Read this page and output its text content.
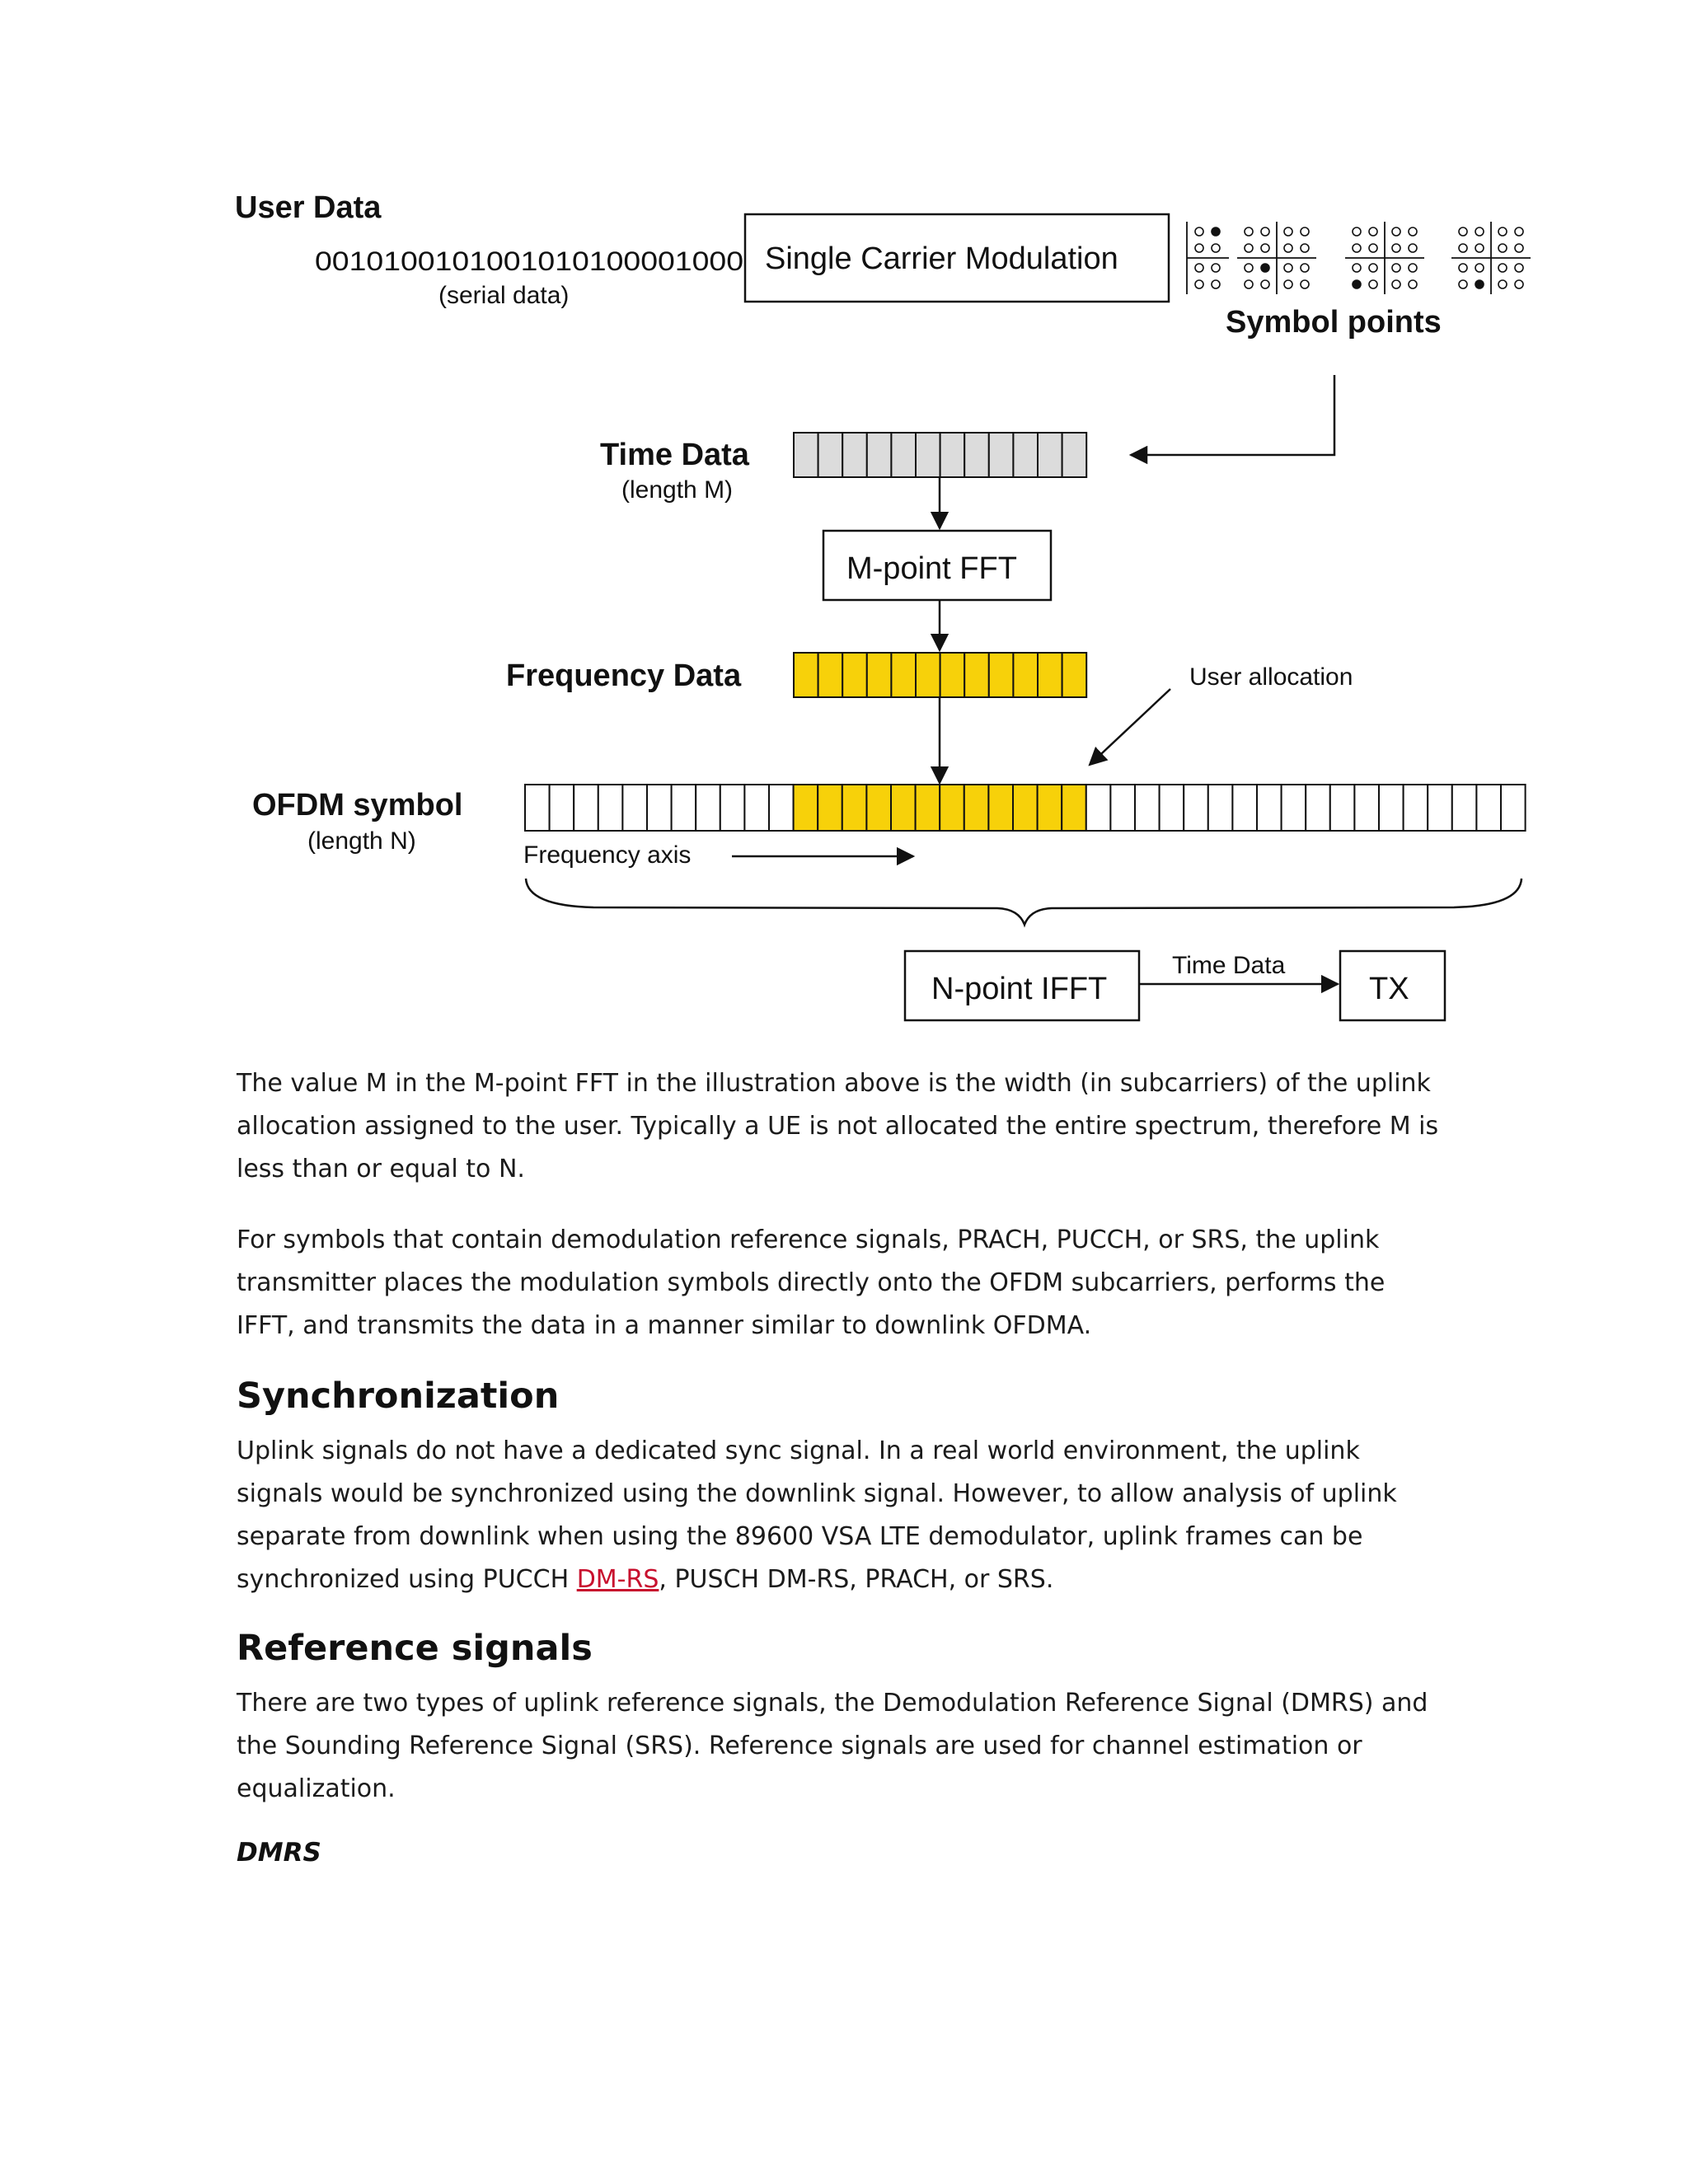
User Data
0010100101001010100001000
(serial data)
Single Carrier Modulation
Symbol points
Time Data
(length M)
M-point FFT
Frequency Data	User allocation
OFDM symbol
(length N)
Frequency axis
N-point IFFT
Time Data
TX

The value M in the M-point FFT in the illustration above is the width (in subcarriers) of the uplink allocation assigned to the user. Typically a UE is not allocated the entire spectrum, therefore M is less than or equal to N.

For symbols that contain demodulation reference signals, PRACH, PUCCH, or SRS, the uplink transmitter places the modulation symbols directly onto the OFDM subcarriers, performs the IFFT, and transmits the data in a manner similar to downlink OFDMA.

Synchronization

Uplink signals do not have a dedicated sync signal. In a real world environment, the uplink signals would be synchronized using the downlink signal. However, to allow analysis of uplink separate from downlink when using the 89600 VSA LTE demodulator, uplink frames can be synchronized using PUCCH DM-RS, PUSCH DM-RS, PRACH, or SRS.

Reference signals

There are two types of uplink reference signals, the Demodulation Reference Signal (DMRS) and the Sounding Reference Signal (SRS). Reference signals are used for channel estimation or equalization.

DMRS
